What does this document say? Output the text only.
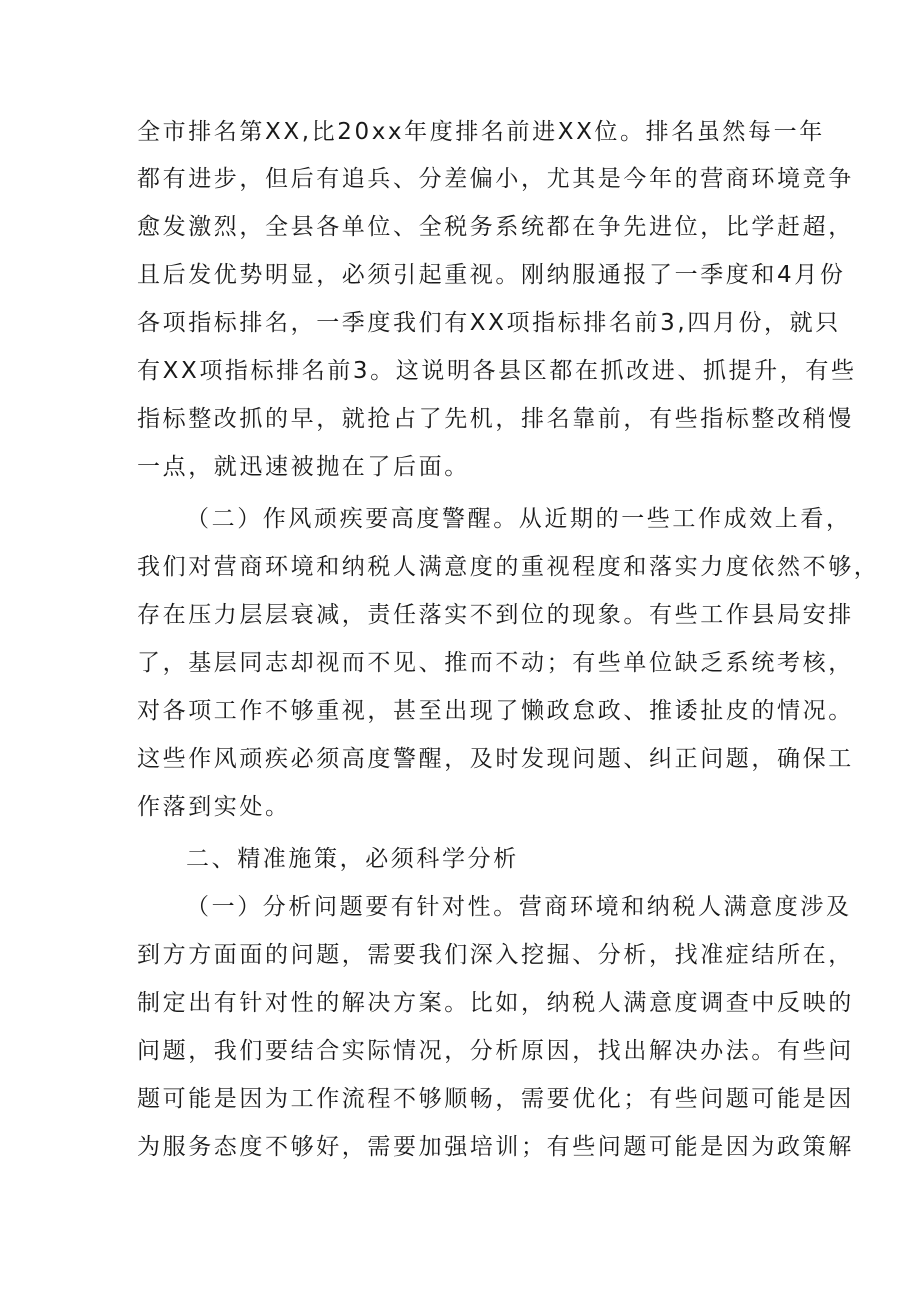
全市排名第XX,比20xx年度排名前进XX位。排名虽然每一年
都有进步，但后有追兵、分差偏小，尤其是今年的营商环境竞争
愈发激烈，全县各单位、全税务系统都在争先进位，比学赶超，
且后发优势明显，必须引起重视。刚纳服通报了一季度和4月份
各项指标排名，一季度我们有XX项指标排名前3,四月份，就只
有XX项指标排名前3。这说明各县区都在抓改进、抓提升，有些
指标整改抓的早，就抢占了先机，排名靠前，有些指标整改稍慢
一点，就迅速被抛在了后面。
（二）作风顽疾要高度警醒。从近期的一些工作成效上看，
我们对营商环境和纳税人满意度的重视程度和落实力度依然不够，
存在压力层层衰减，责任落实不到位的现象。有些工作县局安排
了，基层同志却视而不见、推而不动；有些单位缺乏系统考核，
对各项工作不够重视，甚至出现了懒政怠政、推诿扯皮的情况。
这些作风顽疾必须高度警醒，及时发现问题、纠正问题，确保工
作落到实处。
二、精准施策，必须科学分析
（一）分析问题要有针对性。营商环境和纳税人满意度涉及
到方方面面的问题，需要我们深入挖掘、分析，找准症结所在，
制定出有针对性的解决方案。比如，纳税人满意度调查中反映的
问题，我们要结合实际情况，分析原因，找出解决办法。有些问
题可能是因为工作流程不够顺畅，需要优化；有些问题可能是因
为服务态度不够好，需要加强培训；有些问题可能是因为政策解
